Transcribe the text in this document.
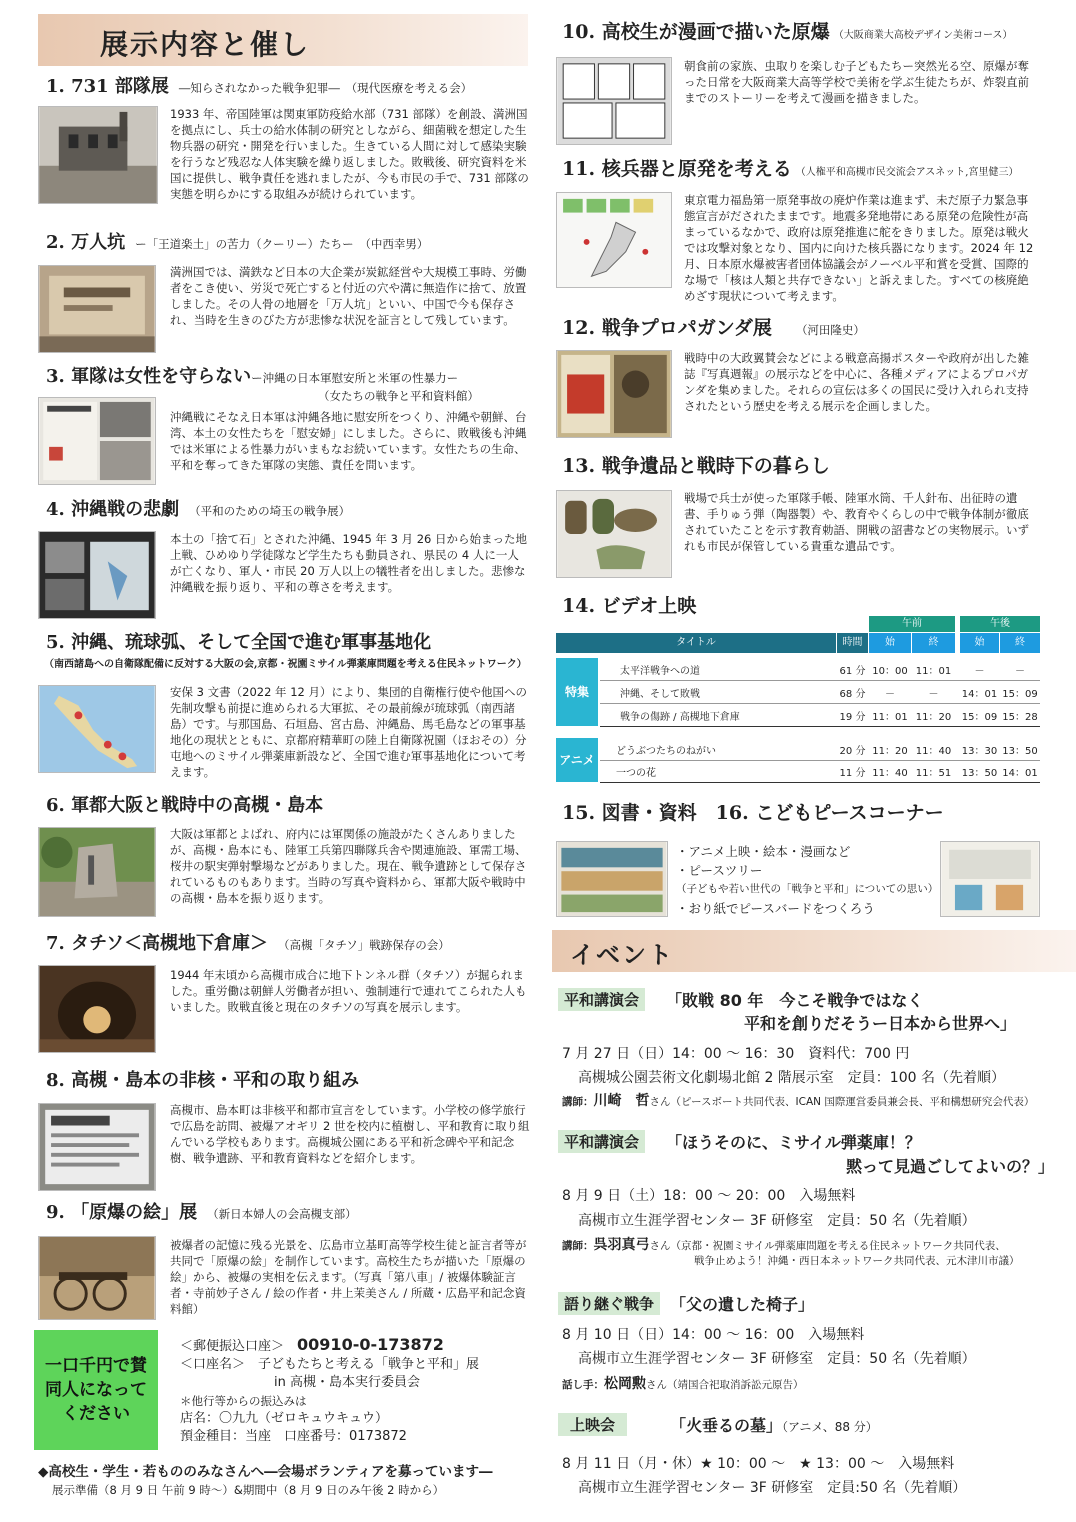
展示内容と催し
1. 731 部隊展 ―知らされなかった戦争犯罪―　（現代医療を考える会）
1933 年、帝国陸軍は関東軍防疫給水部（731 部隊）を創設、満洲国を拠点にし、兵士の給水体制の研究としながら、細菌戦を想定した生物兵器の研究・開発を行いました。生きている人間に対して感染実験を行うなど残忍な人体実験を繰り返しました。敗戦後、研究資料を米国に提供し、戦争責任を逃れましたが、今も市民の手で、731 部隊の実態を明らかにする取組みが続けられています。
2. 万人坑 ー「王道楽土」の苦力（クーリー）たちー　（中西幸男）
満洲国では、満鉄など日本の大企業が炭鉱経営や大規模工事時、労働者をこき使い、労災で死亡すると付近の穴や溝に無造作に捨て、放置しました。その人骨の地層を「万人坑」といい、中国で今も保存され、当時を生きのびた方が悲惨な状況を証言として残しています。
3. 軍隊は女性を守らないー沖縄の日本軍慰安所と米軍の性暴力ー
（女たちの戦争と平和資料館）
沖縄戦にそなえ日本軍は沖縄各地に慰安所をつくり、沖縄や朝鮮、台湾、本土の女性たちを「慰安婦」にしました。さらに、敗戦後も沖縄では米軍による性暴力がいまもなお続いています。女性たちの生命、平和を奪ってきた軍隊の実態、責任を問います。
4. 沖縄戦の悲劇 （平和のための埼玉の戦争展）
本土の「捨て石」とされた沖縄、1945 年 3 月 26 日から始まった地上戦、ひめゆり学徒隊など学生たちも動員され、県民の 4 人に一人が亡くなり、軍人・市民 20 万人以上の犠牲者を出しました。悲惨な沖縄戦を振り返り、平和の尊さを考えます。
5. 沖縄、琉球弧、そして全国で進む軍事基地化
（南西諸島への自衛隊配備に反対する大阪の会,京都・祝園ミサイル弾薬庫問題を考える住民ネットワーク）
安保 3 文書（2022 年 12 月）により、集団的自衛権行使や他国への先制攻撃も前提に進められる大軍拡、その最前線が琉球弧（南西諸島）です。与那国島、石垣島、宮古島、沖縄島、馬毛島などの軍事基地化の現状とともに、京都府精華町の陸上自衛隊祝園（ほおその）分屯地へのミサイル弾薬庫新設など、全国で進む軍事基地化について考えます。
6. 軍都大阪と戦時中の高槻・島本
大阪は軍都とよばれ、府内には軍関係の施設がたくさんありましたが、高槻・島本にも、陸軍工兵第四聯隊兵舎や関連施設、軍需工場、桜井の駅実弾射撃場などがありました。現在、戦争遺跡として保存されているものもあります。当時の写真や資料から、軍都大阪や戦時中の高槻・島本を振り返ります。
7. タチソ＜高槻地下倉庫＞ （高槻「タチソ」戦跡保存の会）
1944 年末頃から高槻市成合に地下トンネル群（タチソ）が掘られました。重労働は朝鮮人労働者が担い、強制連行で連れてこられた人もいました。敗戦直後と現在のタチソの写真を展示します。
8. 高槻・島本の非核・平和の取り組み
高槻市、島本町は非核平和都市宣言をしています。小学校の修学旅行で広島を訪問、被爆アオギリ 2 世を校内に植樹し、平和教育に取り組んでいる学校もあります。高槻城公園にある平和祈念碑や平和記念樹、戦争遺跡、平和教育資料などを紹介します。
9. 「原爆の絵」展 （新日本婦人の会高槻支部）
被爆者の記憶に残る光景を、広島市立基町高等学校生徒と証言者等が共同で「原爆の絵」を制作しています。高校生たちが描いた「原爆の絵」から、被爆の実相を伝えます。（写真「第八車」/ 被爆体験証言者・寺前妙子さん / 絵の作者・井上茉美さん / 所蔵・広島平和記念資料館）
一口千円で賛同人になってください
＜郵便振込口座＞　 00910-0-173872
＜口座名＞　 子どもたちと考える「戦争と平和」展
in 高槻・島本実行委員会
＊他行等からの振込みは
店名：〇九九（ゼロキュウキュウ）
預金種目：当座　口座番号：0173872
◆高校生・学生・若もののみなさんへ―会場ボランティアを募っています―
展示準備（8 月 9 日 午前 9 時～）&期間中（8 月 9 日のみ午後 2 時から）
10. 高校生が漫画で描いた原爆 （大阪商業大高校デザイン美術コース）
朝食前の家族、虫取りを楽しむ子どもたちー突然光る空、原爆が奪った日常を大阪商業大高等学校で美術を学ぶ生徒たちが、炸裂直前までのストーリーを考えて漫画を描きました。
11. 核兵器と原発を考える （人権平和高槻市民交流会アスネット,宮里健三）
東京電力福島第一原発事故の廃炉作業は進まず、未だ原子力緊急事態宣言がだされたままです。地震多発地帯にある原発の危険性が高まっているなかで、政府は原発推進に舵をきりました。原発は戦火では攻撃対象となり、国内に向けた核兵器になります。2024 年 12 月、日本原水爆被害者団体協議会がノーベル平和賞を受賞、国際的な場で「核は人類と共存できない」と訴えました。すべての核廃絶めざす現状について考えます。
12. 戦争プロパガンダ展 （河田隆史）
戦時中の大政翼賛会などによる戦意高揚ポスターや政府が出した雑誌『写真週報』の展示などを中心に、各種メディアによるプロパガンダを集めました。それらの宣伝は多くの国民に受け入れられ支持されたという歴史を考える展示を企画しました。
13. 戦争遺品と戦時下の暮らし
戦場で兵士が使った軍隊手帳、陸軍水筒、千人針布、出征時の遺書、手りゅう弾（陶器製）や、教育やくらしの中で戦争体制が徹底されていたことを示す教育勅語、開戦の詔書などの実物展示。いずれも市民が保管している貴重な遺品です。
14. ビデオ上映
午前	午後
タイトル	時間	始	終	始	終
特集
太平洋戦争への道	61 分 10：00 11：01	－	－
沖縄、そして敗戦	68 分	－	－	14：01 15：09
戦争の傷跡 / 高槻地下倉庫	19 分 11：01 11：20	15：09 15：28
アニメ
どうぶつたちのねがい	20 分 11：20 11：40	13：30 13：50
一つの花	11 分 11：40 11：51	13：50 14：01
15. 図書・資料　16. こどもピースコーナー
・アニメ上映・絵本・漫画など
・ピースツリー
（子どもや若い世代の「戦争と平和」についての思い）
・おり紙でピースバードをつくろう
イベント
平和講演会	「敗戦 80 年　今こそ戦争ではなく
平和を創りだそうー日本から世界へ」
7 月 27 日（日）14：00 ～ 16：30　資料代：700 円
高槻城公園芸術文化劇場北館 2 階展示室　定員：100 名（先着順）
講師：川崎　哲さん（ピースボート共同代表、ICAN 国際運営委員兼会長、平和構想研究会代表）
平和講演会	「ほうそのに、ミサイル弾薬庫！？
黙って見過ごしてよいの？」
8 月 9 日（土）18：00 ～ 20：00　入場無料
高槻市立生涯学習センター 3F 研修室　定員：50 名（先着順）
講師：呉羽真弓さん（京都・祝園ミサイル弾薬庫問題を考える住民ネットワーク共同代表、
戦争止めよう！沖縄・西日本ネットワーク共同代表、元木津川市議）
語り継ぐ戦争 「父の遺した椅子」
8 月 10 日（日）14：00 ～ 16：00　入場無料
高槻市立生涯学習センター 3F 研修室　定員：50 名（先着順）
話し手：松岡勲さん（靖国合祀取消訴訟元原告）
上映会	「火垂るの墓」（アニメ、88 分）
8 月 11 日（月・休）★ 10：00 ～　★ 13：00 ～　入場無料
高槻市立生涯学習センター 3F 研修室　定員:50 名（先着順）
